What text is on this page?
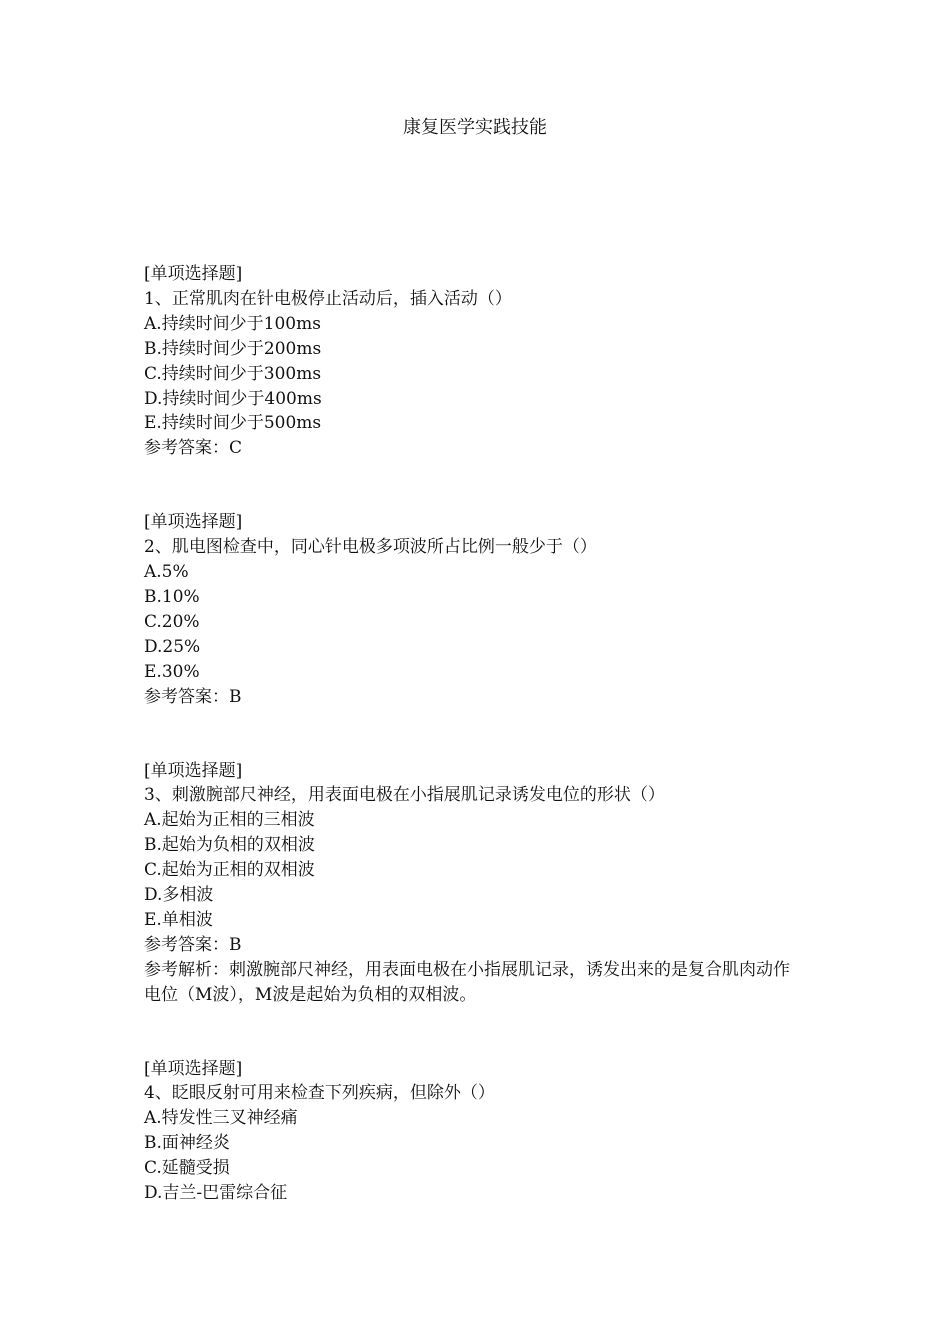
康复医学实践技能
[单项选择题]
1、正常肌肉在针电极停止活动后，插入活动（）
A.持续时间少于100ms
B.持续时间少于200ms
C.持续时间少于300ms
D.持续时间少于400ms
E.持续时间少于500ms
参考答案：C
[单项选择题]
2、肌电图检查中，同心针电极多项波所占比例一般少于（）
A.5%
B.10%
C.20%
D.25%
E.30%
参考答案：B
[单项选择题]
3、刺激腕部尺神经，用表面电极在小指展肌记录诱发电位的形状（）
A.起始为正相的三相波
B.起始为负相的双相波
C.起始为正相的双相波
D.多相波
E.单相波
参考答案：B
参考解析：刺激腕部尺神经，用表面电极在小指展肌记录，诱发出来的是复合肌肉动作电位（M波），M波是起始为负相的双相波。
[单项选择题]
4、眨眼反射可用来检查下列疾病，但除外（）
A.特发性三叉神经痛
B.面神经炎
C.延髓受损
D.吉兰-巴雷综合征
